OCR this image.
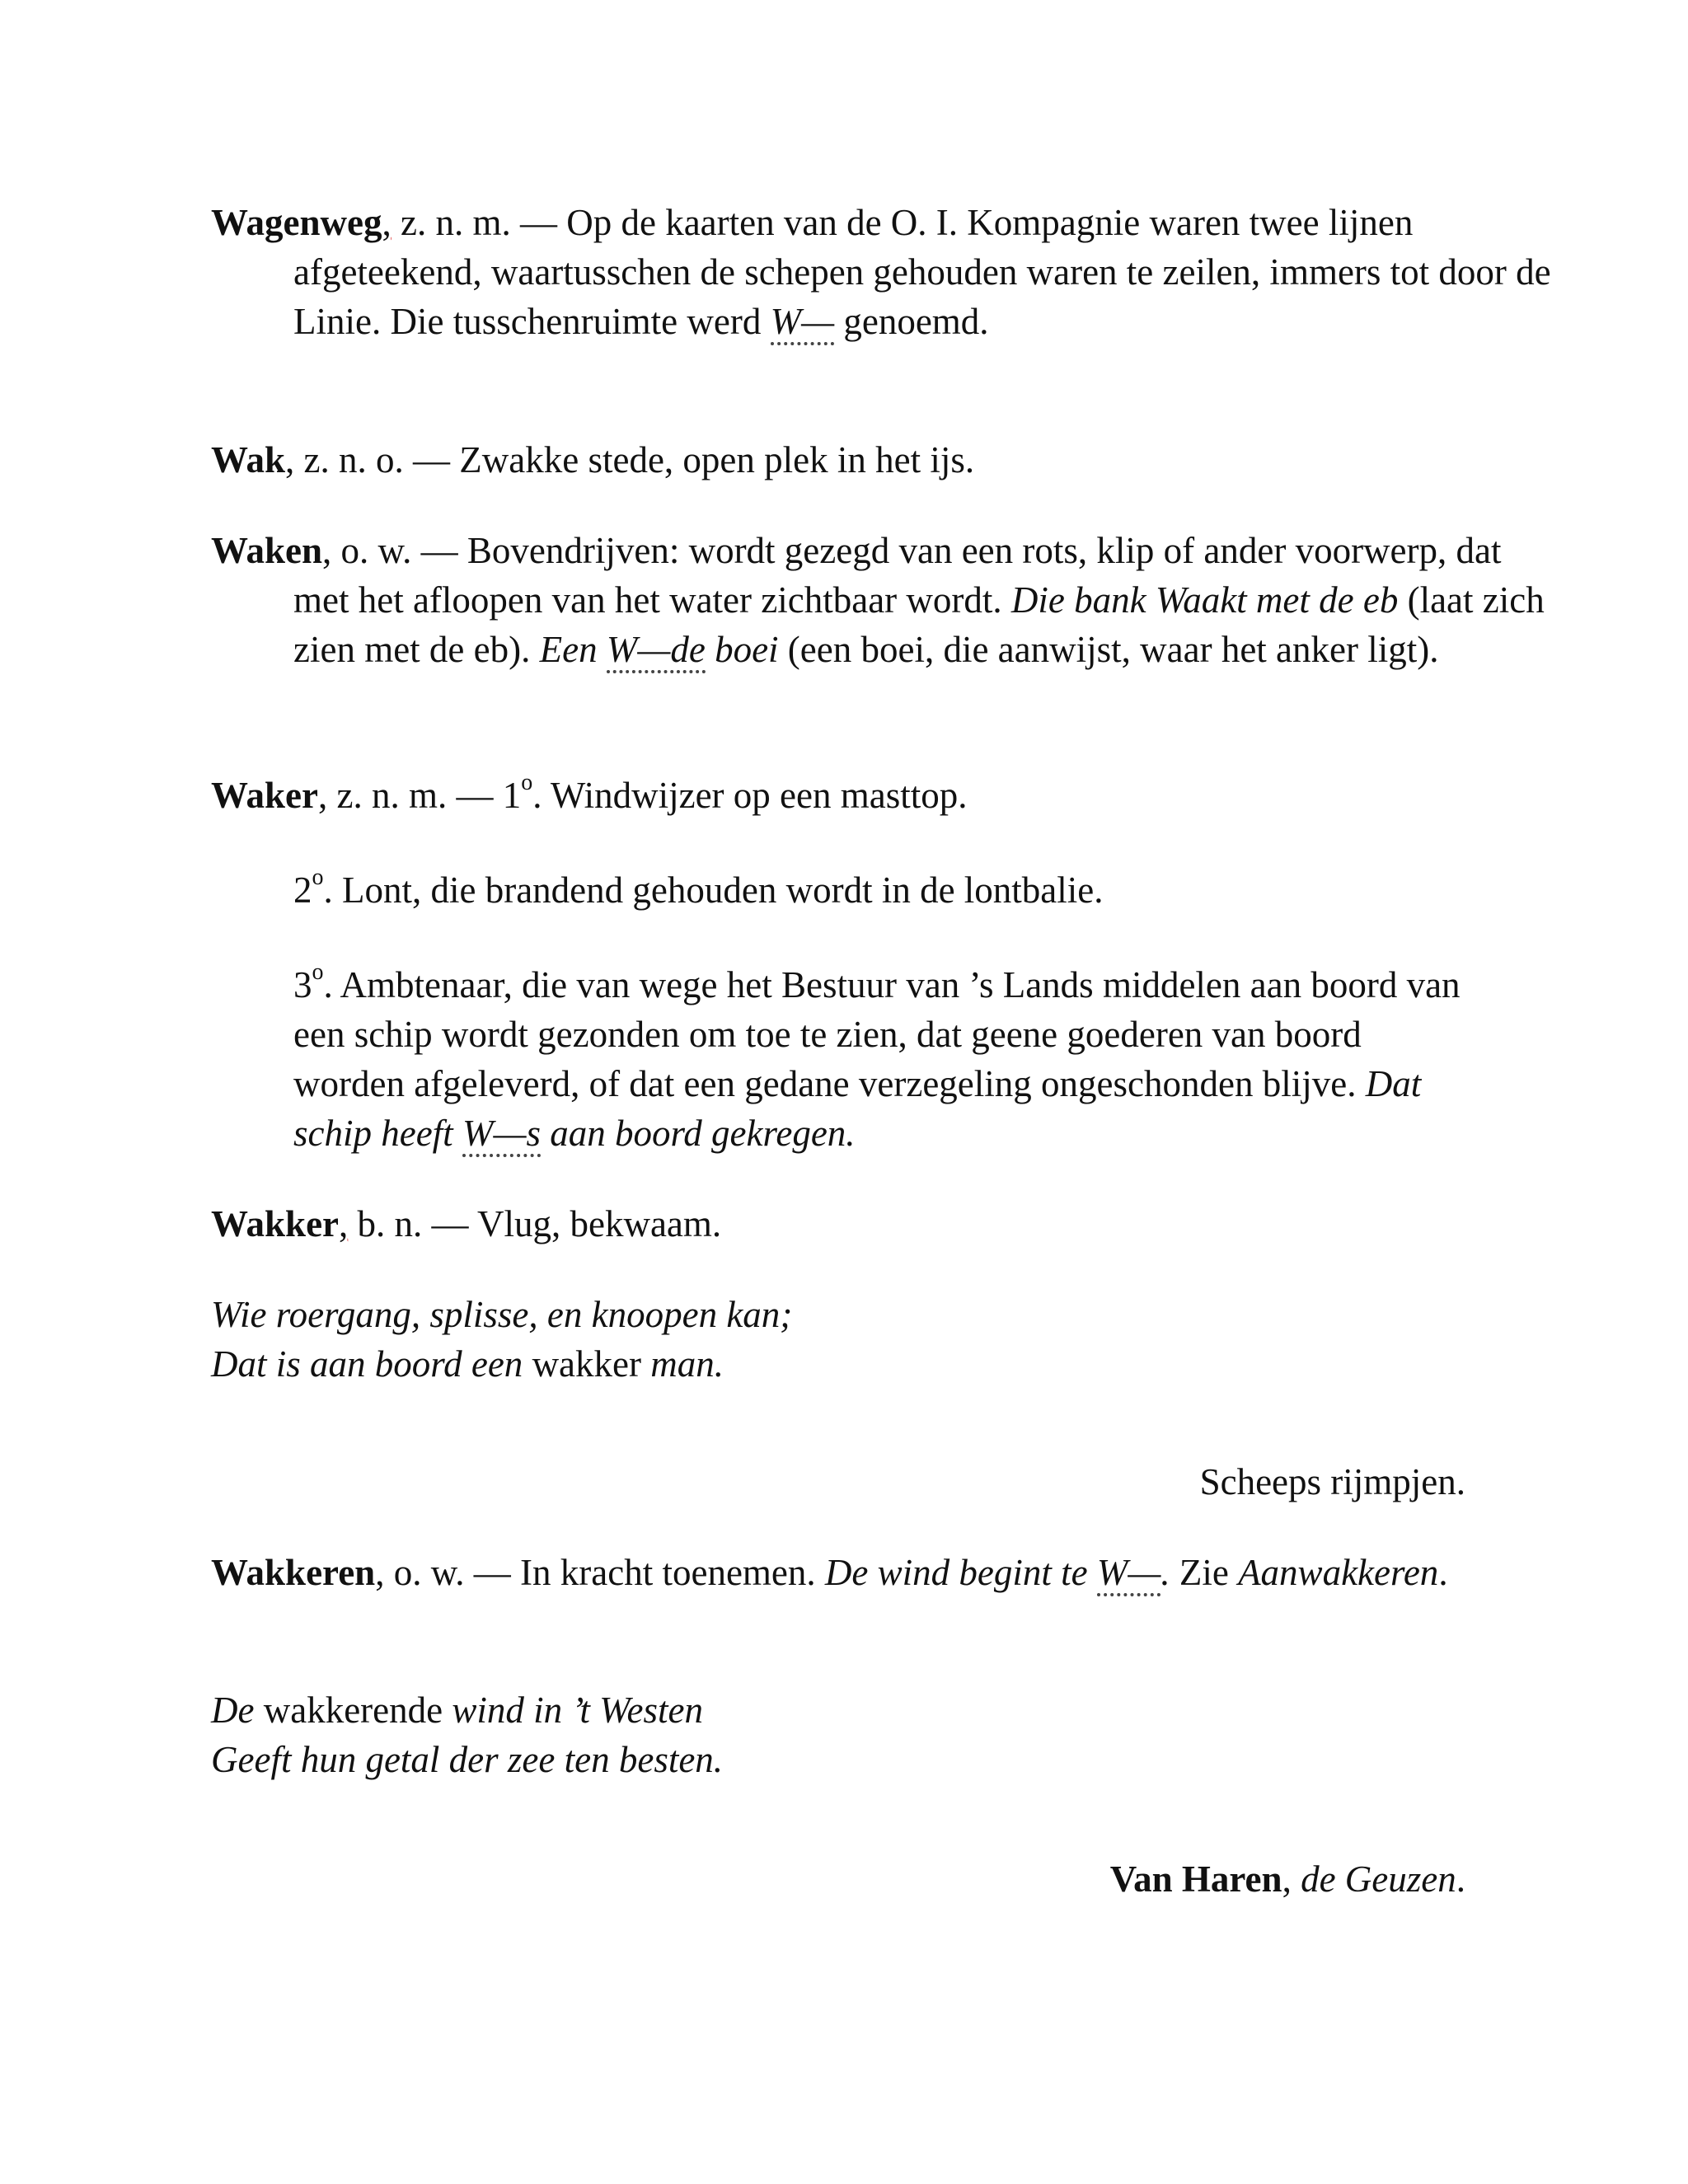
Wagenweg, z. n. m. — Op de kaarten van de O. I. Kompagnie waren twee lijnen afgeteekend, waartusschen de schepen gehouden waren te zeilen, immers tot door de Linie. Die tusschenruimte werd W— genoemd.

Wak, z. n. o. — Zwakke stede, open plek in het ijs.

Waken, o. w. — Bovendrijven: wordt gezegd van een rots, klip of ander voorwerp, dat met het afloopen van het water zichtbaar wordt. Die bank Waakt met de eb (laat zich zien met de eb). Een W—de boei (een boei, die aanwijst, waar het anker ligt).

Waker, z. n. m. — 1$^o$. Windwijzer op een masttop.

2$^o$. Lont, die brandend gehouden wordt in de lontbalie.

3$^o$. Ambtenaar, die van wege het Bestuur van ’s Lands middelen aan boord van een schip wordt gezonden om toe te zien, dat geene goederen van boord worden afgeleverd, of dat een gedane verzegeling ongeschonden blijve. Dat schip heeft W—s aan boord gekregen.

Wakker, b. n. — Vlug, bekwaam.

Wie roergang, splisse, en knoopen kan;
Dat is aan boord een wakker man.

Scheeps rijmpjen.

Wakkeren, o. w. — In kracht toenemen. De wind begint te W—. Zie Aanwakkeren.

De wakkerende wind in ’t Westen
Geeft hun getal der zee ten besten.

Van Haren, de Geuzen.
